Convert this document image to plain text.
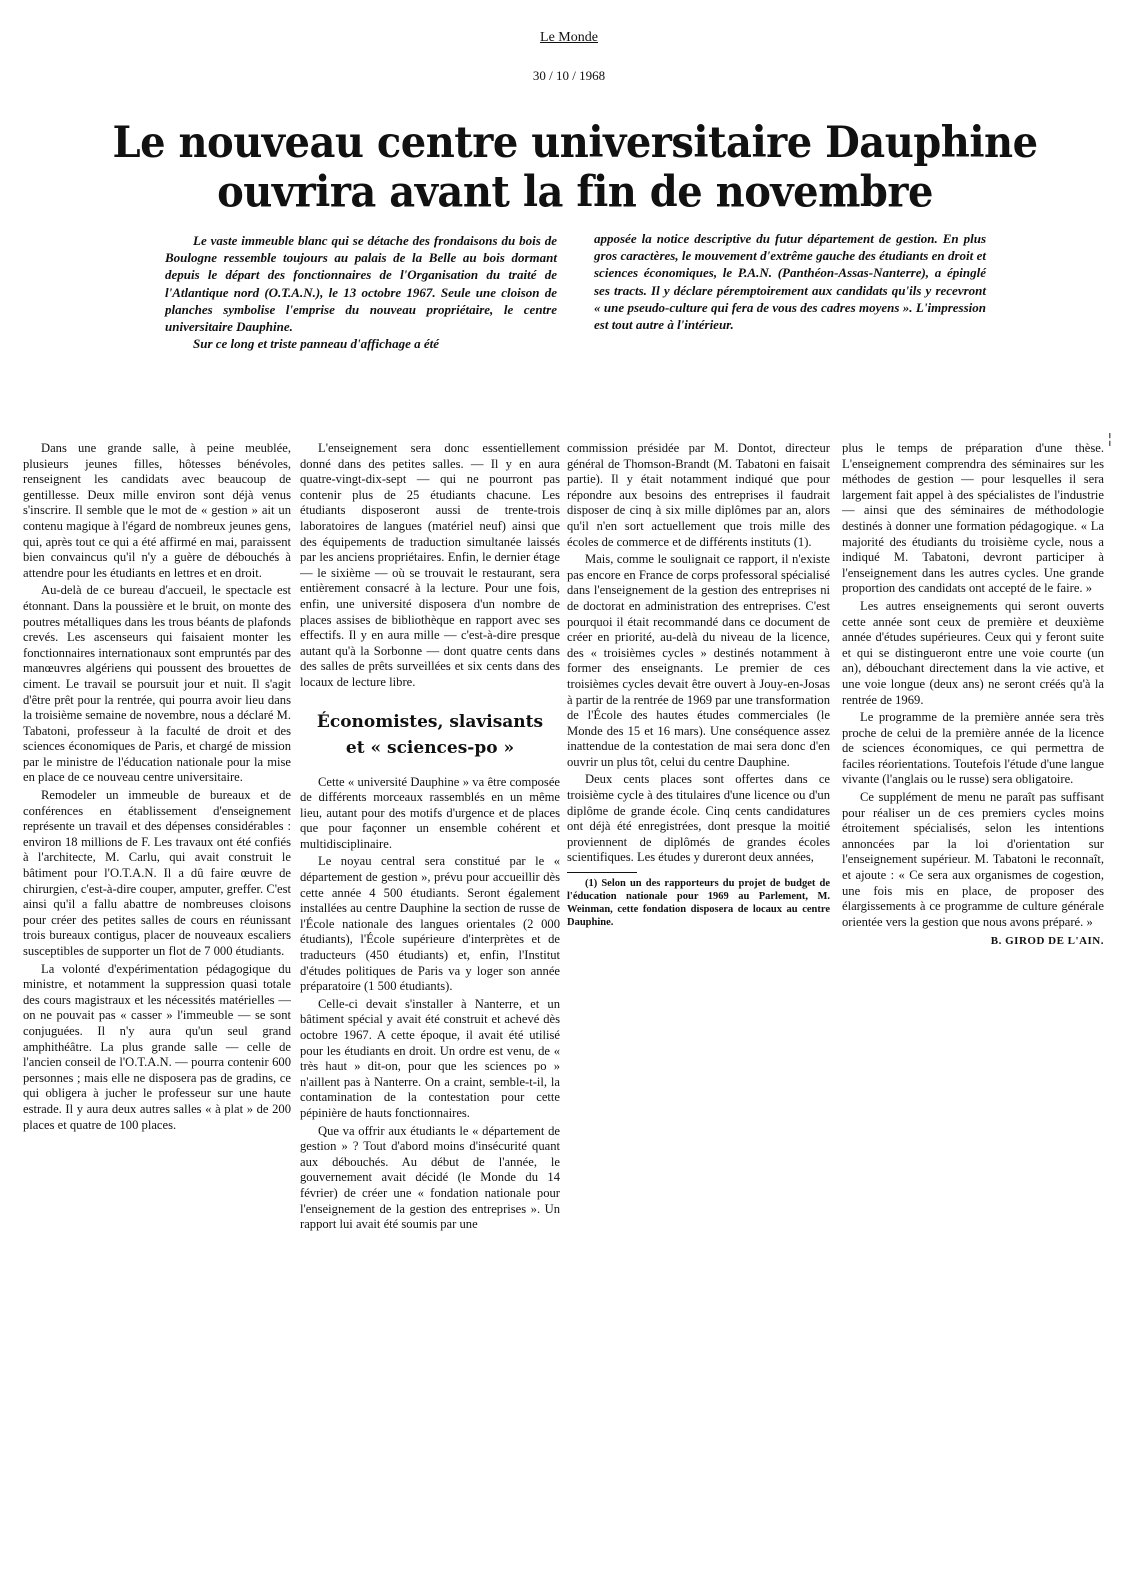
Le Monde
30 / 10 / 1968
Le nouveau centre universitaire Dauphine
ouvrira avant la fin de novembre

Le vaste immeuble blanc qui se détache des frondaisons du bois de Boulogne ressemble toujours au palais de la Belle au bois dormant depuis le départ des fonctionnaires de l'Organisation du traité de l'Atlantique nord (O.T.A.N.), le 13 octobre 1967. Seule une cloison de planches symbolise l'emprise du nouveau propriétaire, le centre universitaire Dauphine.

Sur ce long et triste panneau d'affichage a été

apposée la notice descriptive du futur département de gestion. En plus gros caractères, le mouvement d'extrême gauche des étudiants en droit et sciences économiques, le P.A.N. (Panthéon-Assas-Nanterre), a épinglé ses tracts. Il y déclare péremptoirement aux candidats qu'ils y recevront « une pseudo-culture qui fera de vous des cadres moyens ». L'impression est tout autre à l'intérieur.

Dans une grande salle, à peine meublée, plusieurs jeunes filles, hôtesses bénévoles, renseignent les candidats avec beaucoup de gentillesse. Deux mille environ sont déjà venus s'inscrire. Il semble que le mot de « gestion » ait un contenu magique à l'égard de nombreux jeunes gens, qui, après tout ce qui a été affirmé en mai, paraissent bien convaincus qu'il n'y a guère de débouchés à attendre pour les étudiants en lettres et en droit.

Au-delà de ce bureau d'accueil, le spectacle est étonnant. Dans la poussière et le bruit, on monte des poutres métalliques dans les trous béants de plafonds crevés. Les ascenseurs qui faisaient monter les fonctionnaires internationaux sont empruntés par des manœuvres algériens qui poussent des brouettes de ciment. Le travail se poursuit jour et nuit. Il s'agit d'être prêt pour la rentrée, qui pourra avoir lieu dans la troisième semaine de novembre, nous a déclaré M. Tabatoni, professeur à la faculté de droit et des sciences économiques de Paris, et chargé de mission par le ministre de l'éducation nationale pour la mise en place de ce nouveau centre universitaire.

Remodeler un immeuble de bureaux et de conférences en établissement d'enseignement représente un travail et des dépenses considérables : environ 18 millions de F. Les travaux ont été confiés à l'architecte, M. Carlu, qui avait construit le bâtiment pour l'O.T.A.N. Il a dû faire œuvre de chirurgien, c'est-à-dire couper, amputer, greffer. C'est ainsi qu'il a fallu abattre de nombreuses cloisons pour créer des petites salles de cours en réunissant trois bureaux contigus, placer de nouveaux escaliers susceptibles de supporter un flot de 7 000 étudiants.

La volonté d'expérimentation pédagogique du ministre, et notamment la suppression quasi totale des cours magistraux et les nécessités matérielles — on ne pouvait pas « casser » l'immeuble — se sont conjuguées. Il n'y aura qu'un seul grand amphithéâtre. La plus grande salle — celle de l'ancien conseil de l'O.T.A.N. — pourra contenir 600 personnes ; mais elle ne disposera pas de gradins, ce qui obligera à jucher le professeur sur une haute estrade. Il y aura deux autres salles « à plat » de 200 places et quatre de 100 places.

L'enseignement sera donc essentiellement donné dans des petites salles. — Il y en aura quatre-vingt-dix-sept — qui ne pourront pas contenir plus de 25 étudiants chacune. Les étudiants disposeront aussi de trente-trois laboratoires de langues (matériel neuf) ainsi que des équipements de traduction simultanée laissés par les anciens propriétaires. Enfin, le dernier étage — le sixième — où se trouvait le restaurant, sera entièrement consacré à la lecture. Pour une fois, enfin, une université disposera d'un nombre de places assises de bibliothèque en rapport avec ses effectifs. Il y en aura mille — c'est-à-dire presque autant qu'à la Sorbonne — dont quatre cents dans des salles de prêts surveillées et six cents dans des locaux de lecture libre.

Économistes, slavisants
et « sciences-po »

Cette « université Dauphine » va être composée de différents morceaux rassemblés en un même lieu, autant pour des motifs d'urgence et de places que pour façonner un ensemble cohérent et multidisciplinaire.

Le noyau central sera constitué par le « département de gestion », prévu pour accueillir dès cette année 4 500 étudiants. Seront également installées au centre Dauphine la section de russe de l'École nationale des langues orientales (2 000 étudiants), l'École supérieure d'interprètes et de traducteurs (450 étudiants) et, enfin, l'Institut d'études politiques de Paris va y loger son année préparatoire (1 500 étudiants).

Celle-ci devait s'installer à Nanterre, et un bâtiment spécial y avait été construit et achevé dès octobre 1967. A cette époque, il avait été utilisé pour les étudiants en droit. Un ordre est venu, de « très haut » dit-on, pour que les sciences po » n'aillent pas à Nanterre. On a craint, semble-t-il, la contamination de la contestation pour cette pépinière de hauts fonctionnaires.

Que va offrir aux étudiants le « département de gestion » ? Tout d'abord moins d'insécurité quant aux débouchés. Au début de l'année, le gouvernement avait décidé (le Monde du 14 février) de créer une « fondation nationale pour l'enseignement de la gestion des entreprises ». Un rapport lui avait été soumis par une

commission présidée par M. Dontot, directeur général de Thomson-Brandt (M. Tabatoni en faisait partie). Il y était notamment indiqué que pour répondre aux besoins des entreprises il faudrait disposer de cinq à six mille diplômes par an, alors qu'il n'en sort actuellement que trois mille des écoles de commerce et de différents instituts (1).

Mais, comme le soulignait ce rapport, il n'existe pas encore en France de corps professoral spécialisé dans l'enseignement de la gestion des entreprises ni de doctorat en administration des entreprises. C'est pourquoi il était recommandé dans ce document de créer en priorité, au-delà du niveau de la licence, des « troisièmes cycles » destinés notamment à former des enseignants. Le premier de ces troisièmes cycles devait être ouvert à Jouy-en-Josas à partir de la rentrée de 1969 par une transformation de l'École des hautes études commerciales (le Monde des 15 et 16 mars). Une conséquence assez inattendue de la contestation de mai sera donc d'en ouvrir un plus tôt, celui du centre Dauphine.

Deux cents places sont offertes dans ce troisième cycle à des titulaires d'une licence ou d'un diplôme de grande école. Cinq cents candidatures ont déjà été enregistrées, dont presque la moitié proviennent de diplômés de grandes écoles scientifiques. Les études y dureront deux années,

(1) Selon un des rapporteurs du projet de budget de l'éducation nationale pour 1969 au Parlement, M. Weinman, cette fondation disposera de locaux au centre Dauphine.

plus le temps de préparation d'une thèse. L'enseignement comprendra des séminaires sur les méthodes de gestion — pour lesquelles il sera largement fait appel à des spécialistes de l'industrie — ainsi que des séminaires de méthodologie destinés à donner une formation pédagogique. « La majorité des étudiants du troisième cycle, nous a indiqué M. Tabatoni, devront participer à l'enseignement dans les autres cycles. Une grande proportion des candidats ont accepté de le faire. »

Les autres enseignements qui seront ouverts cette année sont ceux de première et deuxième année d'études supérieures. Ceux qui y feront suite et qui se distingueront entre une voie courte (un an), débouchant directement dans la vie active, et une voie longue (deux ans) ne seront créés qu'à la rentrée de 1969.

Le programme de la première année sera très proche de celui de la première année de la licence de sciences économiques, ce qui permettra de faciles réorientations. Toutefois l'étude d'une langue vivante (l'anglais ou le russe) sera obligatoire.

Ce supplément de menu ne paraît pas suffisant pour réaliser un de ces premiers cycles moins étroitement spécialisés, selon les intentions annoncées par la loi d'orientation sur l'enseignement supérieur. M. Tabatoni le reconnaît, et ajoute : « Ce sera aux organismes de cogestion, une fois mis en place, de proposer des élargissements à ce programme de culture générale orientée vers la gestion que nous avons préparé. »

B. GIROD DE L'AIN.
¦
